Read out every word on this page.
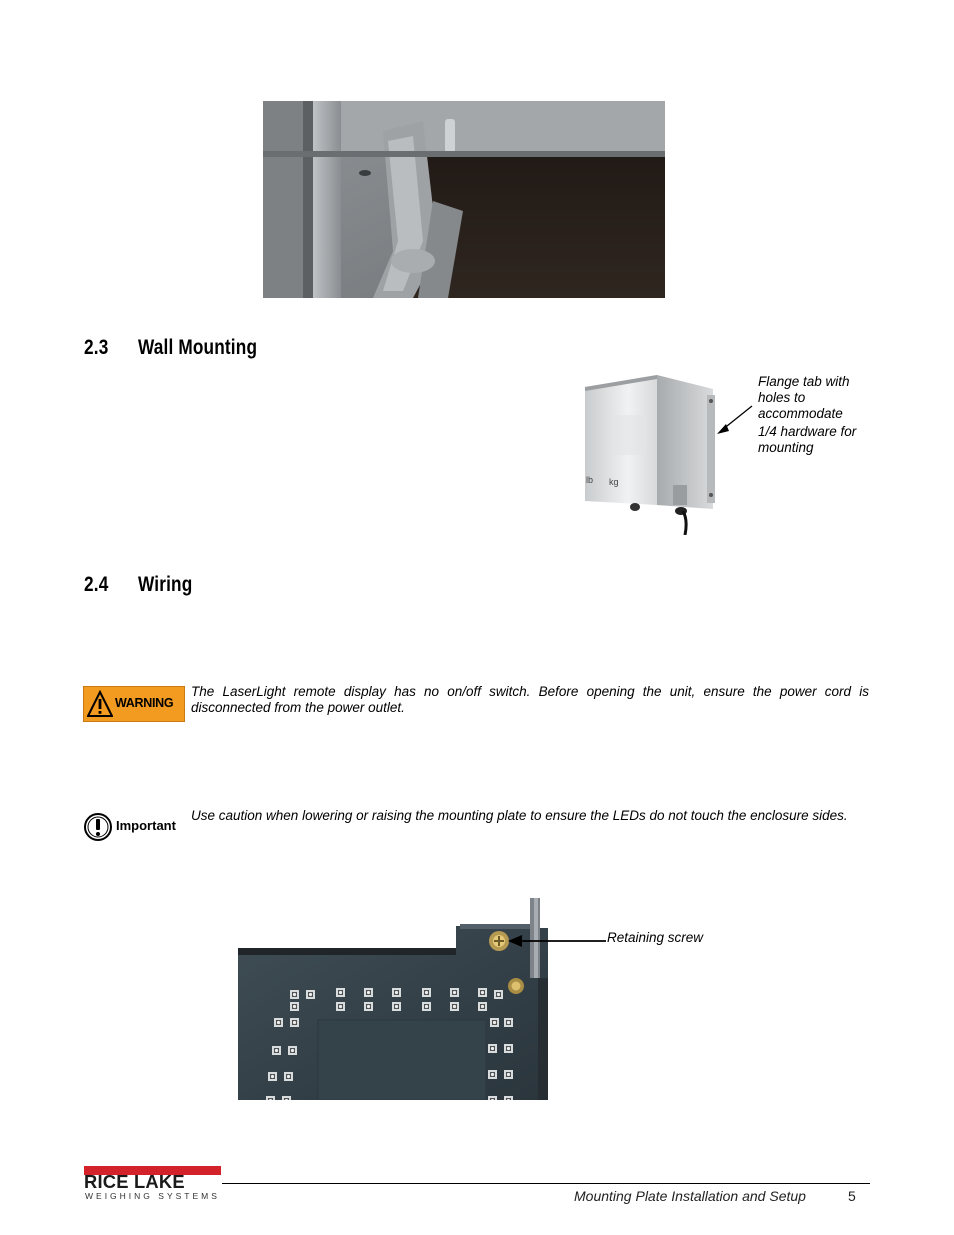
2.3 Wall Mounting
lb kg
Flange tab with
holes to
accommodate
1/4 hardware for
mounting
2.4 Wiring
WARNING
The LaserLight remote display has no on/off switch. Before opening the unit, ensure the power cord is disconnected from the power outlet.
Important
Use caution when lowering or raising the mounting plate to ensure the LEDs do not touch the enclosure sides.
Retaining screw
RICE LAKE
WEIGHING SYSTEMS	Mounting Plate Installation and Setup	5
